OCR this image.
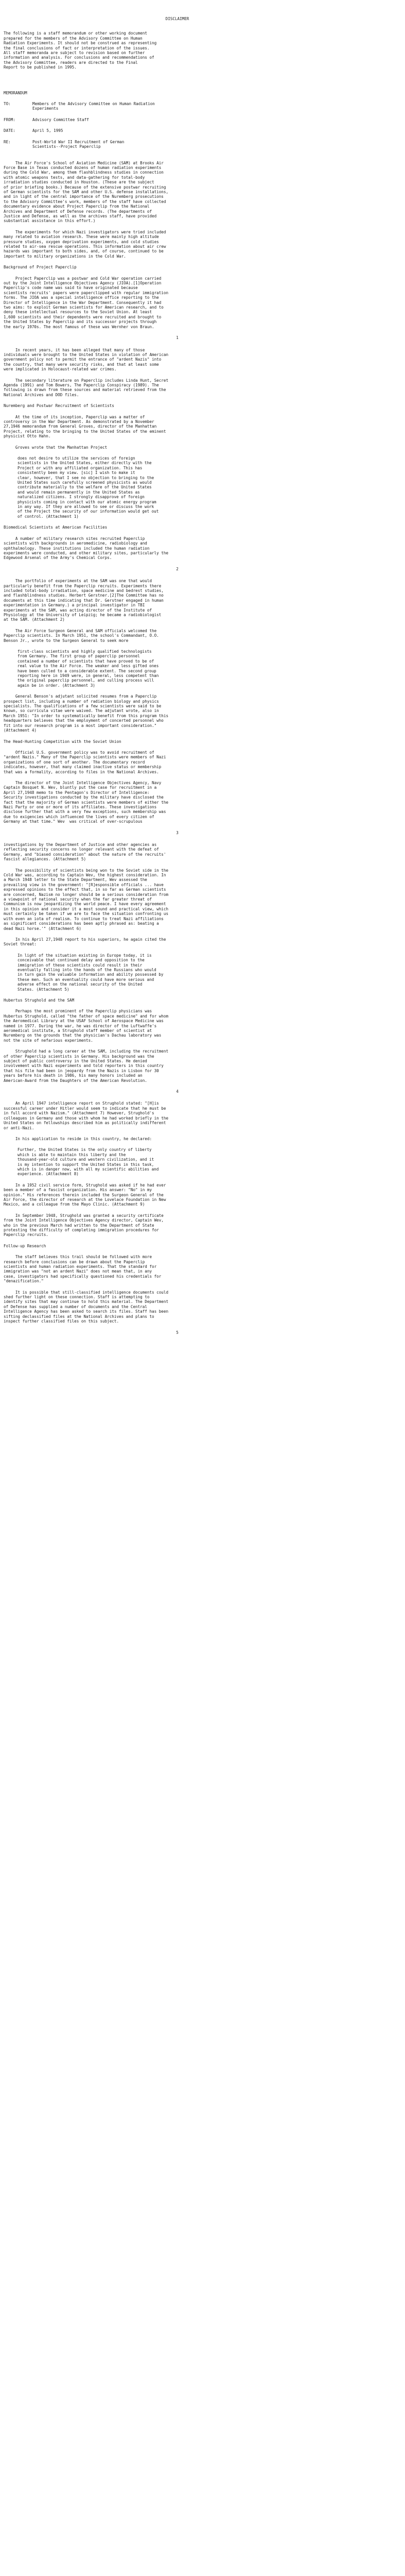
DISCLAIMER

The following is a staff memorandum or other working document
prepared for the members of the Advisory Committee on Human
Radiation Experiments. It should not be construed as representing
the final conclusions of fact or interpretation of the issues.
All staff memoranda are subject to revision based on further
information and analysis. For conclusions and recommendations of
the Advisory Committee, readers are directed to the Final
Report to be published in 1995.

MEMORANDUM

TO:	Members of the Advisory Committee on Human Radiation
Experiments
FROM:	Advisory Committee Staff
DATE:	April 5, 1995
RE:	Post-World War II Recruitment of German
Scientists--Project Paperclip

The Air Force's School of Aviation Medicine (SAM) at Brooks Air
Force Base in Texas conducted dozens of human radiation experiments
during the Cold War, among them flashblindness studies in connection
with atomic weapons tests, and data-gathering for total-body
irradiation studies conducted in Houston. (These are the subject
of prior briefing books.) Because of the extensive postwar recruiting
of German scientists for the SAM and other U.S. defense installations,
and in light of the central importance of the Nuremberg prosecutions
to the Advisory Committee's work, members of the staff have collected
documentary evidence about Project Paperclip from the National
Archives and Department of Defense records. (The departments of
Justice and Defense, as well as the archives staff, have provided
substantial assistance in this effort.)

The experiments for which Nazi investigators were tried included
many related to aviation research. These were mainly high altitude
pressure studies, oxygen deprivation experiments, and cold studies
related to air-sea rescue operations. This information about air crew
hazards was important to both sides, and, of course, continued to be
important to military organizations in the Cold War.

Background of Project Paperclip

Project Paperclip was a postwar and Cold War operation carried
out by the Joint Intelligence Objectives Agency (JIOA).[1]Operation
Paperclip's code name was said to have originated because
scientists recruits' papers were paperclipped with regular immigration
forms. The JIOA was a special intelligence office reporting to the
Director of Intelligence in the War Department. Consequently it had
two aims: to exploit German scientists for American research, and to
deny these intellectual resources to the Soviet Union. At least
1,600 scientists and their dependents were recruited and brought to
the United States by Paperclip and its successor projects through
the early 1970s. The most famous of these was Wernher von Braun.

1

In recent years, it has been alleged that many of those
individuals were brought to the United States in violation of American
government policy not to permit the entrance of "ardent Nazis" into
the country, that many were security risks, and that at least some
were implicated in Holocaust-related war crimes.

The secondary literature on Paperclip includes Linda Hunt, Secret
Agenda (1991) and Tom Bowers, The Paperclip Conspiracy (1989). The
following is drawn from these sources and material retrieved from the
National Archives and DOD files.

Nuremberg and Postwar Recruitment of Scientists

At the time of its inception, Paperclip was a matter of
controversy in the War Department. As demonstrated by a November
27,1946 memorandum from General Groves, director of the Manhattan
Project, relating to the bringing to the United States of the eminent
physicist Otto Hahn.

Groves wrote that the Manhattan Project

does not desire to utilize the services of foreign
scientists in the United States, either directly with the
Project or with any affiliated organization. This has
consistently been my view. [sic] I wish to make it
clear, however, that I see no objection to bringing to the
United States such carefully screened physicists as would
contribute materially to the welfare of the United States
and would remain permanently in the United States as
naturalized citizens. I strongly disapprove of foreign
physicists coming in contact with our atomic energy program
in any way. If they are allowed to see or discuss the work
of the Project the security of our information would get out
of control. (Attachment 1)

Biomedical Scientists at American Facilities

A number of military research sites recruited Paperclip
scientists with backgrounds in aeromedicine, radiobiology and
ophthalmology. These institutions included the human radiation
experiments were conducted, and other military sites, particularly the
Edgewood Arsenal of the Army's Chemical Corps.

2

The portfolio of experiments at the SAM was one that would
particularly benefit from the Paperclip recruits. Experiments there
included total-body irradiation, space medicine and bedrest studies,
and flashblindness studies. Herbert Gerstner.[2]The Committee has no
documents at this time indicating that Dr. Gerstner engaged in human
experimentation in Germany.) a principal investigator in TBI
experiments at the SAM, was acting director of the Institute of
Physiology at the University of Leipzig; he became a radiobiologist
at the SAM. (Attachment 2)

The Air Force Surgeon General and SAM officials welcomed the
Paperclip scientists. In March 1951, the school's Commandant, O.O.
Benson Jr., wrote to the Surgeon General to seek more

first-class scientists and highly qualified technologists
from Germany. The first group of paperclip personnel
contained a number of scientists that have proved to be of
real value to the Air Force. The weaker and less gifted ones
have been culled to a considerable extent. The second group
reporting here in 1949 were, in general, less competent than
the original paperclip personnel, and culling process will
again be in order. (Attachment 3)

General Benson's adjutant solicited resumes from a Paperclip
prospect list, including a number of radiation biology and physics
specialists. The qualifications of a few scientists were said to be
known, so curricula vitae were waived. The adjutant wrote, also in
March 1951: "In order to systematically benefit from this program this
headquarters believes that the employment of concerted personnel who
fit into our research program is a most important consideration."
(Attachment 4)

The Head-Hunting Competition with the Soviet Union

Official U.S. government policy was to avoid recruitment of
"ardent Nazis." Many of the Paperclip scientists were members of Nazi
organizations of one sort of another. The documentary record
indicates, however, that many claimed inactive status or membership
that was a formality, according to files in the National Archives.

The director of the Joint Intelligence Objectives Agency, Navy
Captain Bosquet N. Wev, bluntly put the case for recruitment in a
April 27,1948 memo to the Pentagon's Director of Intelligence:
Security investigations conducted by the military have disclosed the
fact that the majority of German scientists were members of either the
Nazi Party or one or more of its affiliates. These investigations
disclose further that with a very few exceptions, such membership was
due to exigencies which influenced the lives of every citizen of
Germany at that time." Wev  was critical of over-scrupulous

3

investigations by the Department of Justice and other agencies as
reflecting security concerns no longer relevant with the defeat of
Germany, and "biased consideration" about the nature of the recruits'
fascist allegiances. (Attachment 5)

The possibility of scientists being won to the Soviet side in the
Cold War was, according to Captain Wev, the highest consideration. In
a March 1948 letter to the State Department, Wev assessed the
prevailing view in the government: "[R]esponsible officials ... have
expressed opinions to the effect that, in so far as German scientists
are concerned, Nazism no longer should be a serious consideration from
a viewpoint of national security when the far greater threat of
Communism is now jeopardizing the world peace. I have every agreement
in this opinion and consider it a most sound and practical view, which
must certainly be taken if we are to face the situation confronting us
with even an iota of realism. To continue to treat Nazi affiliations
as significant considerations has been aptly phrased as: beating a
dead Nazi horse.'" (Attachment 6)

In his April 27,1948 report to his superiors, he again cited the
Soviet threat:

In light of the situation existing in Europe today, it is
conceivable that continued delay and opposition to the
immigration of these scientists could result in their
eventually falling into the hands of the Russians who would
in turn gain the valuable information and ability possessed by
these men. Such an eventuality could have more serious and
adverse effect on the national security of the United
States. (Attachment 5)

Hubertus Strughold and the SAM

Perhaps the most prominent of the Paperclip physicians was
Hubertus Strughold, called "the father of space medicine" and for whom
the Aeromedical Library at the USAF School of Aerospace Medicine was
named in 1977. During the war, he was director of the Luftwaffe's
aeromedical institute, a Strughold staff member of scientist at
Nuremberg on the grounds that the physician's Dachau laboratory was
not the site of nefarious experiments.

Strughold had a long career at the SAM, including the recruitment
of other Paperclip scientists in Germany. His background was the
subject of public controversy in the United States. He denied
involvement with Nazi experiments and told reporters in this country
that his file had been in jeopardy from the Nazis in Lisbon for 30
years before his death in 1986, his many honors included an
American-Award from the Daughters of the American Revolution.

4

An April 1947 intelligence report on Strughold stated: "[H]is
successful career under Hitler would seem to indicate that he must be
in full accord with Nazism." (Attachment 7) However, Strughold's
colleagues in Germany and those with whom he had worked briefly in the
United States on fellowships described him as politically indifferent
or anti-Nazi.

In his application to reside in this country, he declared:

Further, the United States is the only country of liberty
which is able to maintain this liberty and the
thousand-year-old culture and western civilization, and it
is my intention to support the United States in this task,
which is in danger now, with all my scientific abilities and
experience. (Attachment 8)

In a 1952 civil service form, Strughold was asked if he had ever
been a member of a fascist organization. His answer: "No" in my
opinion." His references therein included the Surgeon General of the
Air Force, the director of research at the Lovelace Foundation in New
Mexico, and a colleague from the Mayo Clinic. (Attachment 9)

In September 1948, Strughold was granted a security certificate
from the Joint Intelligence Objectives Agency director, Captain Wev,
who in the previous March had written to the Department of State
protesting the difficulty of completing immigration procedures for
Paperclip recruits.

Follow-up Research

The staff believes this trail should be followed with more
research before conclusions can be drawn about the Paperclip
scientists and human radiation experiments. That the standard for
immigration was "not an ardent Nazi" does not mean that, in any
case, investigators had specifically questioned his credentials for
"denazification."

It is possible that still-classified intelligence documents could
shed further light on these connection. Staff is attempting to
identify sites that may continue to hold this material. The Department
of Defense has supplied a number of documents and the Central
Intelligence Agency has been asked to search its files. Staff has been
sifting declassified files at the National Archives and plans to
inspect further classified files on this subject.

5
